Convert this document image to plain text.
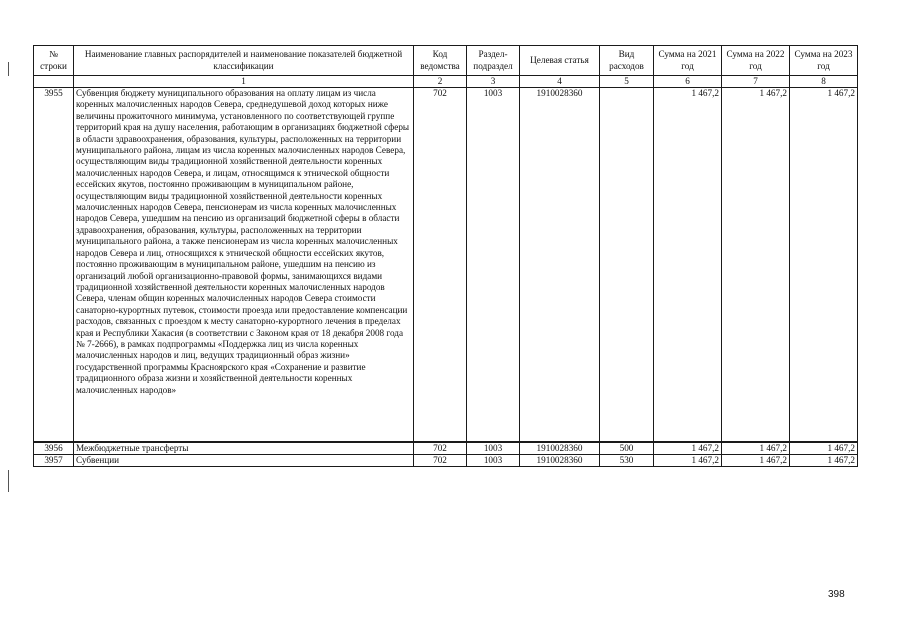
№ строки	Наименование главных распорядителей и наименование показателей бюджетной классификации	Код ведомства	Раздел-подраздел	Целевая статья	Вид расходов	Сумма на 2021 год	Сумма на 2022 год	Сумма на 2023 год
	1	2	3	4	5	6	7	8
3955	Субвенция бюджету муниципального образования на оплату лицам из числа коренных малочисленных народов Севера, среднедушевой доход которых ниже величины прожиточного минимума, установленного по соответствующей группе территорий края на душу населения, работающим в организациях бюджетной сферы в области здравоохранения, образования, культуры, расположенных на территории муниципального района, лицам из числа коренных малочисленных народов Севера, осуществляющим виды традиционной хозяйственной деятельности коренных малочисленных народов Севера, и лицам, относящимся к этнической общности ессейских якутов, постоянно проживающим в муниципальном районе, осуществляющим виды традиционной хозяйственной деятельности коренных малочисленных народов Севера, пенсионерам из числа коренных малочисленных народов Севера, ушедшим на пенсию из организаций бюджетной сферы в области здравоохранения, образования, культуры, расположенных на территории муниципального района, а также пенсионерам из числа коренных малочисленных народов Севера и лиц, относящихся к этнической общности ессейских якутов, постоянно проживающим в муниципальном районе, ушедшим на пенсию из организаций любой организационно-правовой формы, занимающихся видами традиционной хозяйственной деятельности коренных малочисленных народов Севера, членам общин коренных малочисленных народов Севера стоимости санаторно-курортных путевок, стоимости проезда или предоставление компенсации расходов, связанных с проездом к месту санаторно-курортного лечения в пределах края и Республики Хакасия (в соответствии с Законом края от 18 декабря 2008 года № 7-2666), в рамках подпрограммы «Поддержка лиц из числа коренных малочисленных народов и лиц, ведущих традиционный образ жизни» государственной программы Красноярского края «Сохранение и развитие традиционного образа жизни и хозяйственной деятельности коренных малочисленных народов»	702	1003	1910028360		1 467,2	1 467,2	1 467,2
3956	Межбюджетные трансферты	702	1003	1910028360	500	1 467,2	1 467,2	1 467,2
3957	Субвенции	702	1003	1910028360	530	1 467,2	1 467,2	1 467,2
398
